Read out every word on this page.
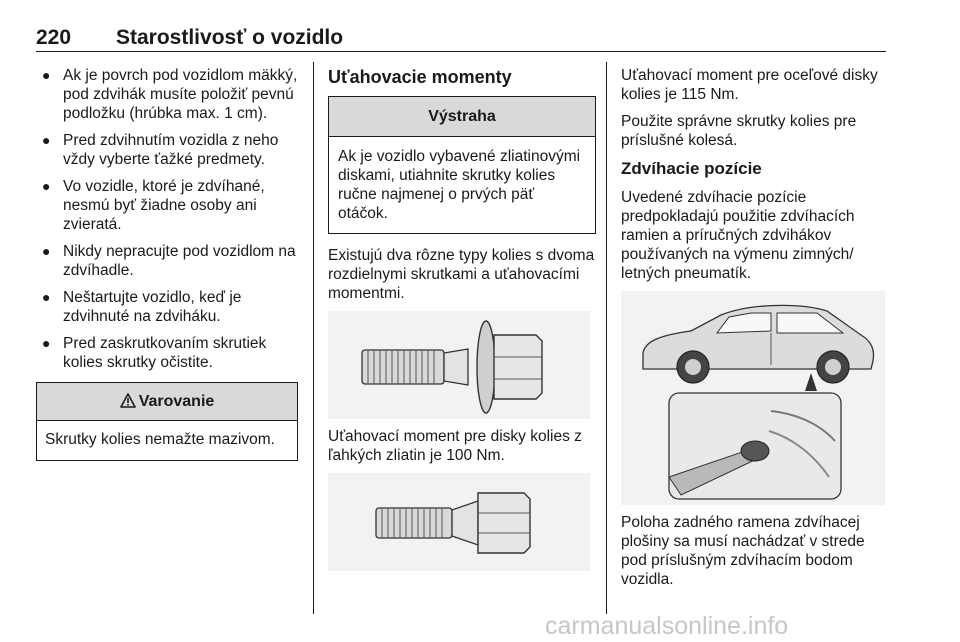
220 Starostlivosť o vozidlo
● Ak je povrch pod vozidlom mäkký, pod zdvihák musíte položiť pevnú podložku (hrúbka max. 1 cm).
● Pred zdvihnutím vozidla z neho vždy vyberte ťažké predmety.
● Vo vozidle, ktoré je zdvíhané, nesmú byť žiadne osoby ani zvieratá.
● Nikdy nepracujte pod vozidlom na zdvíhadle.
● Neštartujte vozidlo, keď je zdvihnuté na zdviháku.
● Pred zaskrutkovaním skrutiek kolies skrutky očistite.
Varovanie
Skrutky kolies nemažte mazivom.
Uťahovacie momenty
Výstraha
Ak je vozidlo vybavené zliatinovými diskami, utiahnite skrutky kolies ručne najmenej o prvých päť otáčok.

Existujú dva rôzne typy kolies s dvoma rozdielnymi skrutkami a uťahovacími momentmi.

Uťahovací moment pre disky kolies z ľahkých zliatin je 100 Nm.

Uťahovací moment pre oceľové disky kolies je 115 Nm.

Použite správne skrutky kolies pre príslušné kolesá.

Zdvíhacie pozície

Uvedené zdvíhacie pozície predpokladajú použitie zdvíhacích ramien a príručných zdvihákov používaných na výmenu zimných/ letných pneumatík.

Poloha zadného ramena zdvíhacej plošiny sa musí nachádzať v strede pod príslušným zdvíhacím bodom vozidla.

carmanualsonline.info
